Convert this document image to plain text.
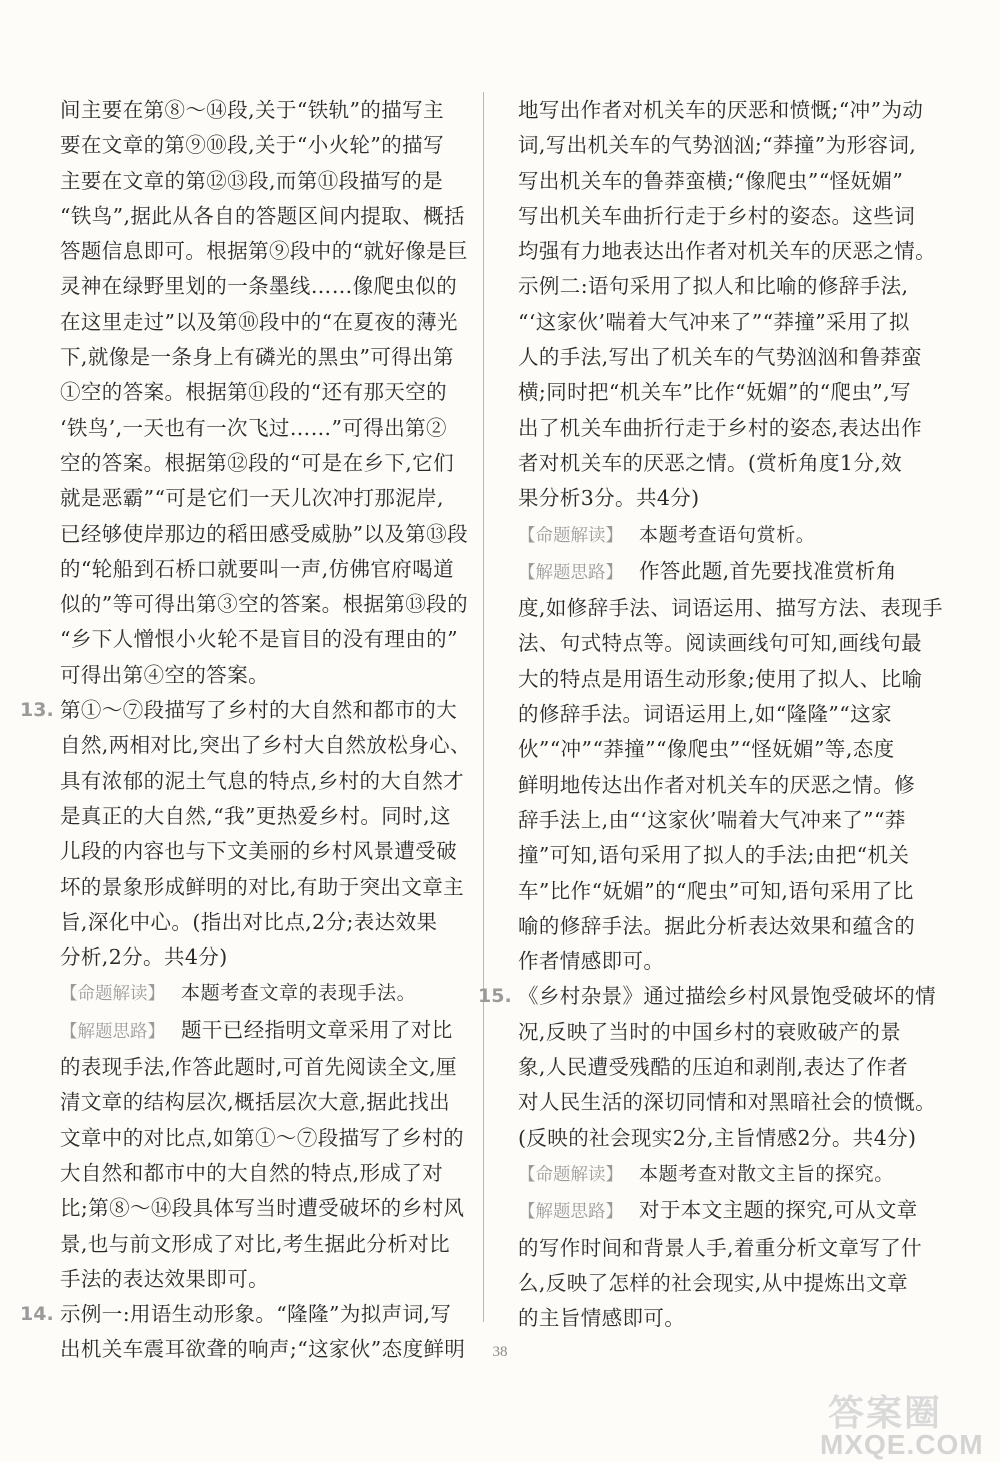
间主要在第⑧～⑭段,关于“铁轨”的描写主
要在文章的第⑨⑩段,关于“小火轮”的描写
主要在文章的第⑫⑬段,而第⑪段描写的是
“铁鸟”,据此从各自的答题区间内提取、概括
答题信息即可。根据第⑨段中的“就好像是巨
灵神在绿野里划的一条墨线……像爬虫似的
在这里走过”以及第⑩段中的“在夏夜的薄光
下,就像是一条身上有磷光的黑虫”可得出第
①空的答案。根据第⑪段的“还有那天空的
‘铁鸟’,一天也有一次飞过……”可得出第②
空的答案。根据第⑫段的“可是在乡下,它们
就是恶霸”“可是它们一天儿次冲打那泥岸,
已经够使岸那边的稻田感受威胁”以及第⑬段
的“轮船到石桥口就要叫一声,仿佛官府喝道
似的”等可得出第③空的答案。根据第⑬段的
“乡下人憎恨小火轮不是盲目的没有理由的”
可得出第④空的答案。
13. 第①～⑦段描写了乡村的大自然和都市的大
自然,两相对比,突出了乡村大自然放松身心、
具有浓郁的泥土气息的特点,乡村的大自然才
是真正的大自然,“我”更热爱乡村。同时,这
儿段的内容也与下文美丽的乡村风景遭受破
坏的景象形成鲜明的对比,有助于突出文章主
旨,深化中心。(指出对比点,2分;表达效果
分析,2分。共4分)
【命题解读】 本题考查文章的表现手法。
【解题思路】 题干已经指明文章采用了对比
的表现手法,作答此题时,可首先阅读全文,厘
清文章的结构层次,概括层次大意,据此找出
文章中的对比点,如第①～⑦段描写了乡村的
大自然和都市中的大自然的特点,形成了对
比;第⑧～⑭段具体写当时遭受破坏的乡村风
景,也与前文形成了对比,考生据此分析对比
手法的表达效果即可。
14. 示例一:用语生动形象。“隆隆”为拟声词,写
出机关车震耳欲聋的响声;“这家伙”态度鲜明
地写出作者对机关车的厌恶和愤慨;“冲”为动
词,写出机关车的气势汹汹;“莽撞”为形容词,
写出机关车的鲁莽蛮横;“像爬虫”“怪妩媚”
写出机关车曲折行走于乡村的姿态。这些词
均强有力地表达出作者对机关车的厌恶之情。
示例二:语句采用了拟人和比喻的修辞手法,
“‘这家伙’喘着大气冲来了”“莽撞”采用了拟
人的手法,写出了机关车的气势汹汹和鲁莽蛮
横;同时把“机关车”比作“妩媚”的“爬虫”,写
出了机关车曲折行走于乡村的姿态,表达出作
者对机关车的厌恶之情。(赏析角度1分,效
果分析3分。共4分)
【命题解读】 本题考查语句赏析。
【解题思路】 作答此题,首先要找准赏析角
度,如修辞手法、词语运用、描写方法、表现手
法、句式特点等。阅读画线句可知,画线句最
大的特点是用语生动形象;使用了拟人、比喻
的修辞手法。词语运用上,如“隆隆”“这家
伙”“冲”“莽撞”“像爬虫”“怪妩媚”等,态度
鲜明地传达出作者对机关车的厌恶之情。修
辞手法上,由“‘这家伙’喘着大气冲来了”“莽
撞”可知,语句采用了拟人的手法;由把“机关
车”比作“妩媚”的“爬虫”可知,语句采用了比
喻的修辞手法。据此分析表达效果和蕴含的
作者情感即可。
15. 《乡村杂景》通过描绘乡村风景饱受破坏的情
况,反映了当时的中国乡村的衰败破产的景
象,人民遭受残酷的压迫和剥削,表达了作者
对人民生活的深切同情和对黑暗社会的愤慨。
(反映的社会现实2分,主旨情感2分。共4分)
【命题解读】 本题考查对散文主旨的探究。
【解题思路】 对于本文主题的探究,可从文章
的写作时间和背景人手,着重分析文章写了什
么,反映了怎样的社会现实,从中提炼出文章
的主旨情感即可。
38
答案圈
MXQE.COM
